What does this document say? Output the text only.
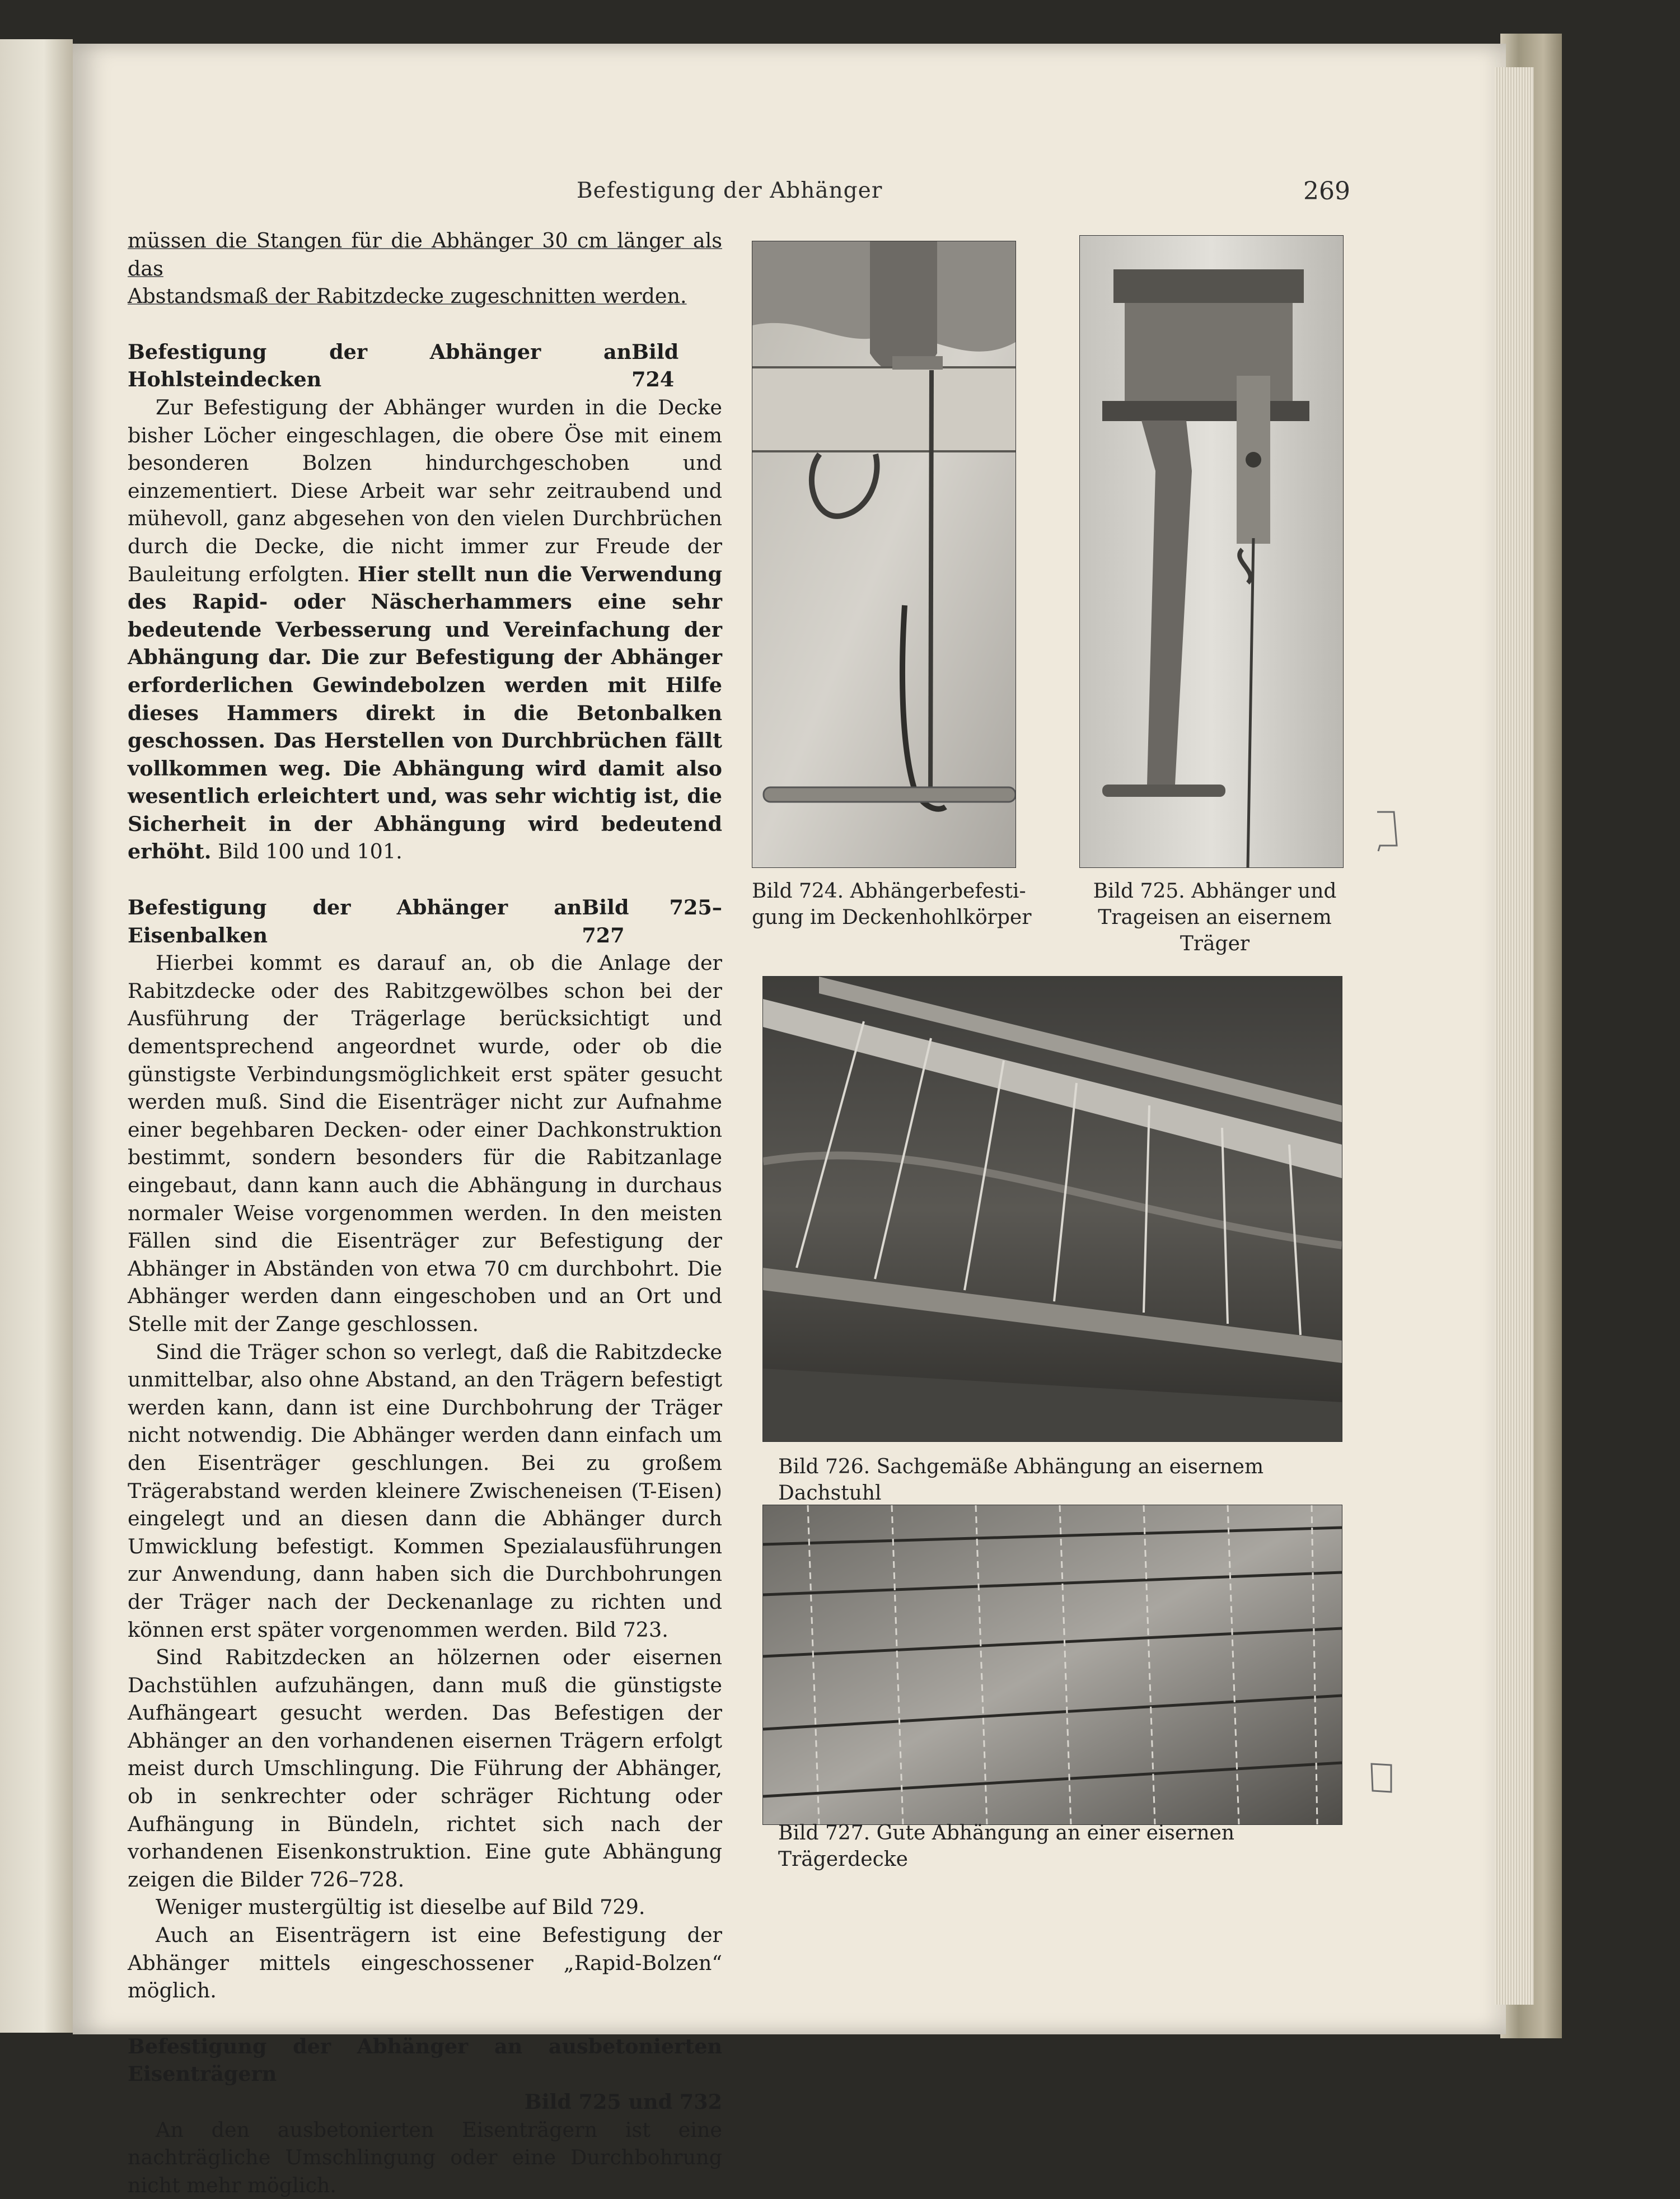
Befestigung der Abhänger	269

müssen die Stangen für die Abhänger 30 cm länger als das

Abstandsmaß der Rabitzdecke zugeschnitten werden.

Befestigung der Abhänger an Hohlsteindecken
Bild 724

Zur Befestigung der Abhänger wurden in die Decke bisher Löcher eingeschlagen, die obere Öse mit einem besonderen Bolzen hindurchgeschoben und einzementiert. Diese Arbeit war sehr zeitraubend und mühevoll, ganz abgesehen von den vielen Durchbrüchen durch die Decke, die nicht immer zur Freude der Bauleitung erfolgten. Hier stellt nun die Verwendung des Rapid- oder Näscherhammers eine sehr bedeutende Verbesserung und Vereinfachung der Abhängung dar. Die zur Befestigung der Abhänger erforderlichen Gewindebolzen werden mit Hilfe dieses Hammers direkt in die Betonbalken geschossen. Das Herstellen von Durchbrüchen fällt vollkommen weg. Die Abhängung wird damit also wesentlich erleichtert und, was sehr wichtig ist, die Sicherheit in der Abhängung wird bedeutend erhöht. Bild 100 und 101.

Befestigung der Abhänger an Eisenbalken
Bild 725–727

Hierbei kommt es darauf an, ob die Anlage der Rabitzdecke oder des Rabitzgewölbes schon bei der Ausführung der Trägerlage berücksichtigt und dementsprechend angeordnet wurde, oder ob die günstigste Verbindungsmöglichkeit erst später gesucht werden muß. Sind die Eisenträger nicht zur Aufnahme einer begehbaren Decken- oder einer Dachkonstruktion bestimmt, sondern besonders für die Rabitzanlage eingebaut, dann kann auch die Abhängung in durchaus normaler Weise vorgenommen werden. In den meisten Fällen sind die Eisenträger zur Befestigung der Abhänger in Abständen von etwa 70 cm durchbohrt. Die Abhänger werden dann eingeschoben und an Ort und Stelle mit der Zange geschlossen.

Sind die Träger schon so verlegt, daß die Rabitzdecke unmittelbar, also ohne Abstand, an den Trägern befestigt werden kann, dann ist eine Durchbohrung der Träger nicht notwendig. Die Abhänger werden dann einfach um den Eisenträger geschlungen. Bei zu großem Trägerabstand werden kleinere Zwischeneisen (T-Eisen) eingelegt und an diesen dann die Abhänger durch Umwicklung befestigt. Kommen Spezialausführungen zur Anwendung, dann haben sich die Durchbohrungen der Träger nach der Deckenanlage zu richten und können erst später vorgenommen werden. Bild 723.

Sind Rabitzdecken an hölzernen oder eisernen Dachstühlen aufzuhängen, dann muß die günstigste Aufhängeart gesucht werden. Das Befestigen der Abhänger an den vorhandenen eisernen Trägern erfolgt meist durch Umschlingung. Die Führung der Abhänger, ob in senkrechter oder schräger Richtung oder Aufhängung in Bündeln, richtet sich nach der vorhandenen Eisenkonstruktion. Eine gute Abhängung zeigen die Bilder 726–728.

Weniger mustergültig ist dieselbe auf Bild 729.

Auch an Eisenträgern ist eine Befestigung der Abhänger mittels eingeschossener „Rapid-Bolzen“ möglich.

Befestigung der Abhänger an ausbetonierten Eisenträgern
Bild 725 und 732

An den ausbetonierten Eisenträgern ist eine nachträgliche Umschlingung oder eine Durchbohrung nicht mehr möglich.

Bild 724. Abhängerbefesti-
gung im Deckenhohlkörper
Bild 725. Abhänger und
Trageisen an eisernem
Träger
Bild 726. Sachgemäße Abhängung an eisernem Dachstuhl
Bild 727. Gute Abhängung an einer eisernen Trägerdecke
